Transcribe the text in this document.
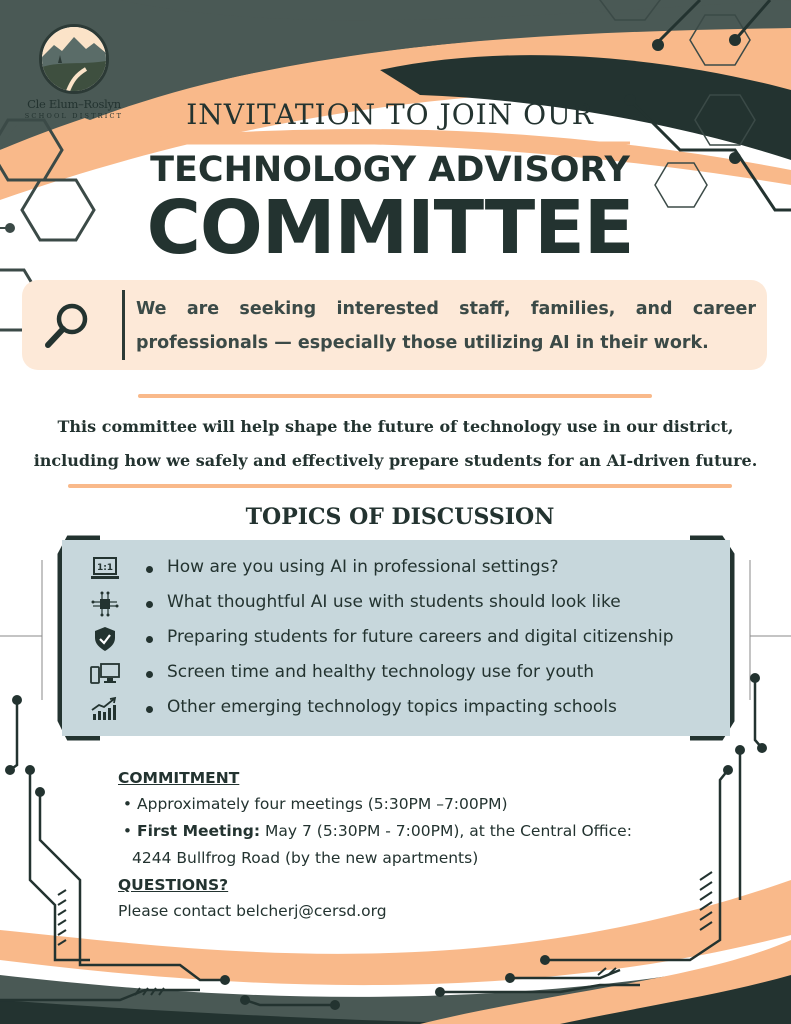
Cle Elum–Roslyn
SCHOOL DISTRICT	INVITATION TO JOIN OUR
TECHNOLOGY ADVISORY
COMMITTEE
We are seeking interested staff, families, and career
professionals — especially those utilizing AI in their work.
This committee will help shape the future of technology use in our district,
including how we safely and effectively prepare students for an AI-driven future.
TOPICS OF DISCUSSION
1:1	How are you using AI in professional settings?
What thoughtful AI use with students should look like
Preparing students for future careers and digital citizenship
Screen time and healthy technology use for youth
Other emerging technology topics impacting schools
COMMITMENT
• Approximately four meetings (5:30PM –7:00PM)
• First Meeting: May 7 (5:30PM - 7:00PM), at the Central Office:
4244 Bullfrog Road (by the new apartments)
QUESTIONS?
Please contact belcherj@cersd.org
